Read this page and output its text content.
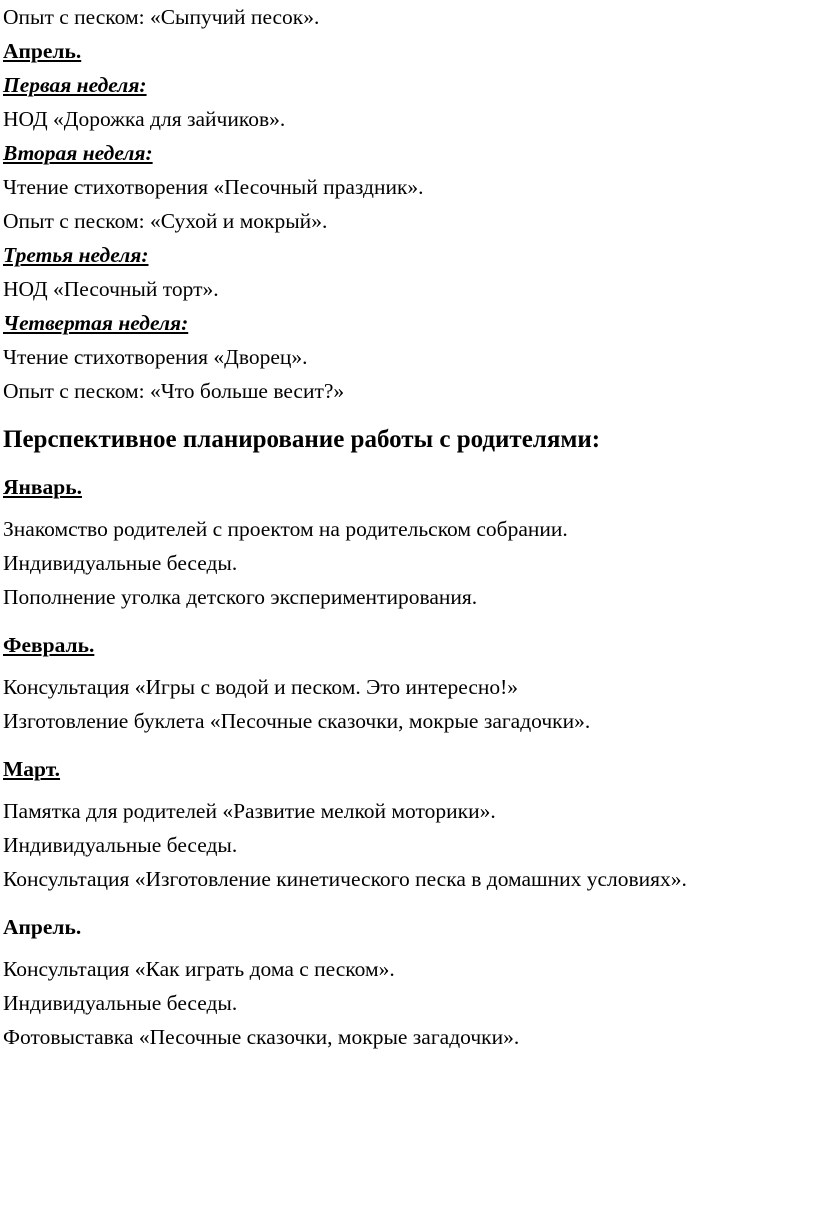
Опыт с песком: «Сыпучий песок».
Апрель.
Первая неделя:
НОД «Дорожка для зайчиков».
Вторая неделя:
Чтение стихотворения «Песочный праздник».
Опыт с песком: «Сухой и мокрый».
Третья неделя:
НОД «Песочный торт».
Четвертая неделя:
Чтение стихотворения «Дворец».
Опыт с песком: «Что больше весит?»
Перспективное планирование работы с родителями:
Январь.
Знакомство родителей с проектом на родительском собрании.
Индивидуальные беседы.
Пополнение уголка детского экспериментирования.
Февраль.
Консультация «Игры с водой и песком. Это интересно!»
Изготовление буклета «Песочные сказочки, мокрые загадочки».
Март.
Памятка для родителей «Развитие мелкой моторики».
Индивидуальные беседы.
Консультация «Изготовление кинетического песка в домашних условиях».
Апрель.
Консультация «Как играть дома с песком».
Индивидуальные беседы.
Фотовыставка «Песочные сказочки, мокрые загадочки».
